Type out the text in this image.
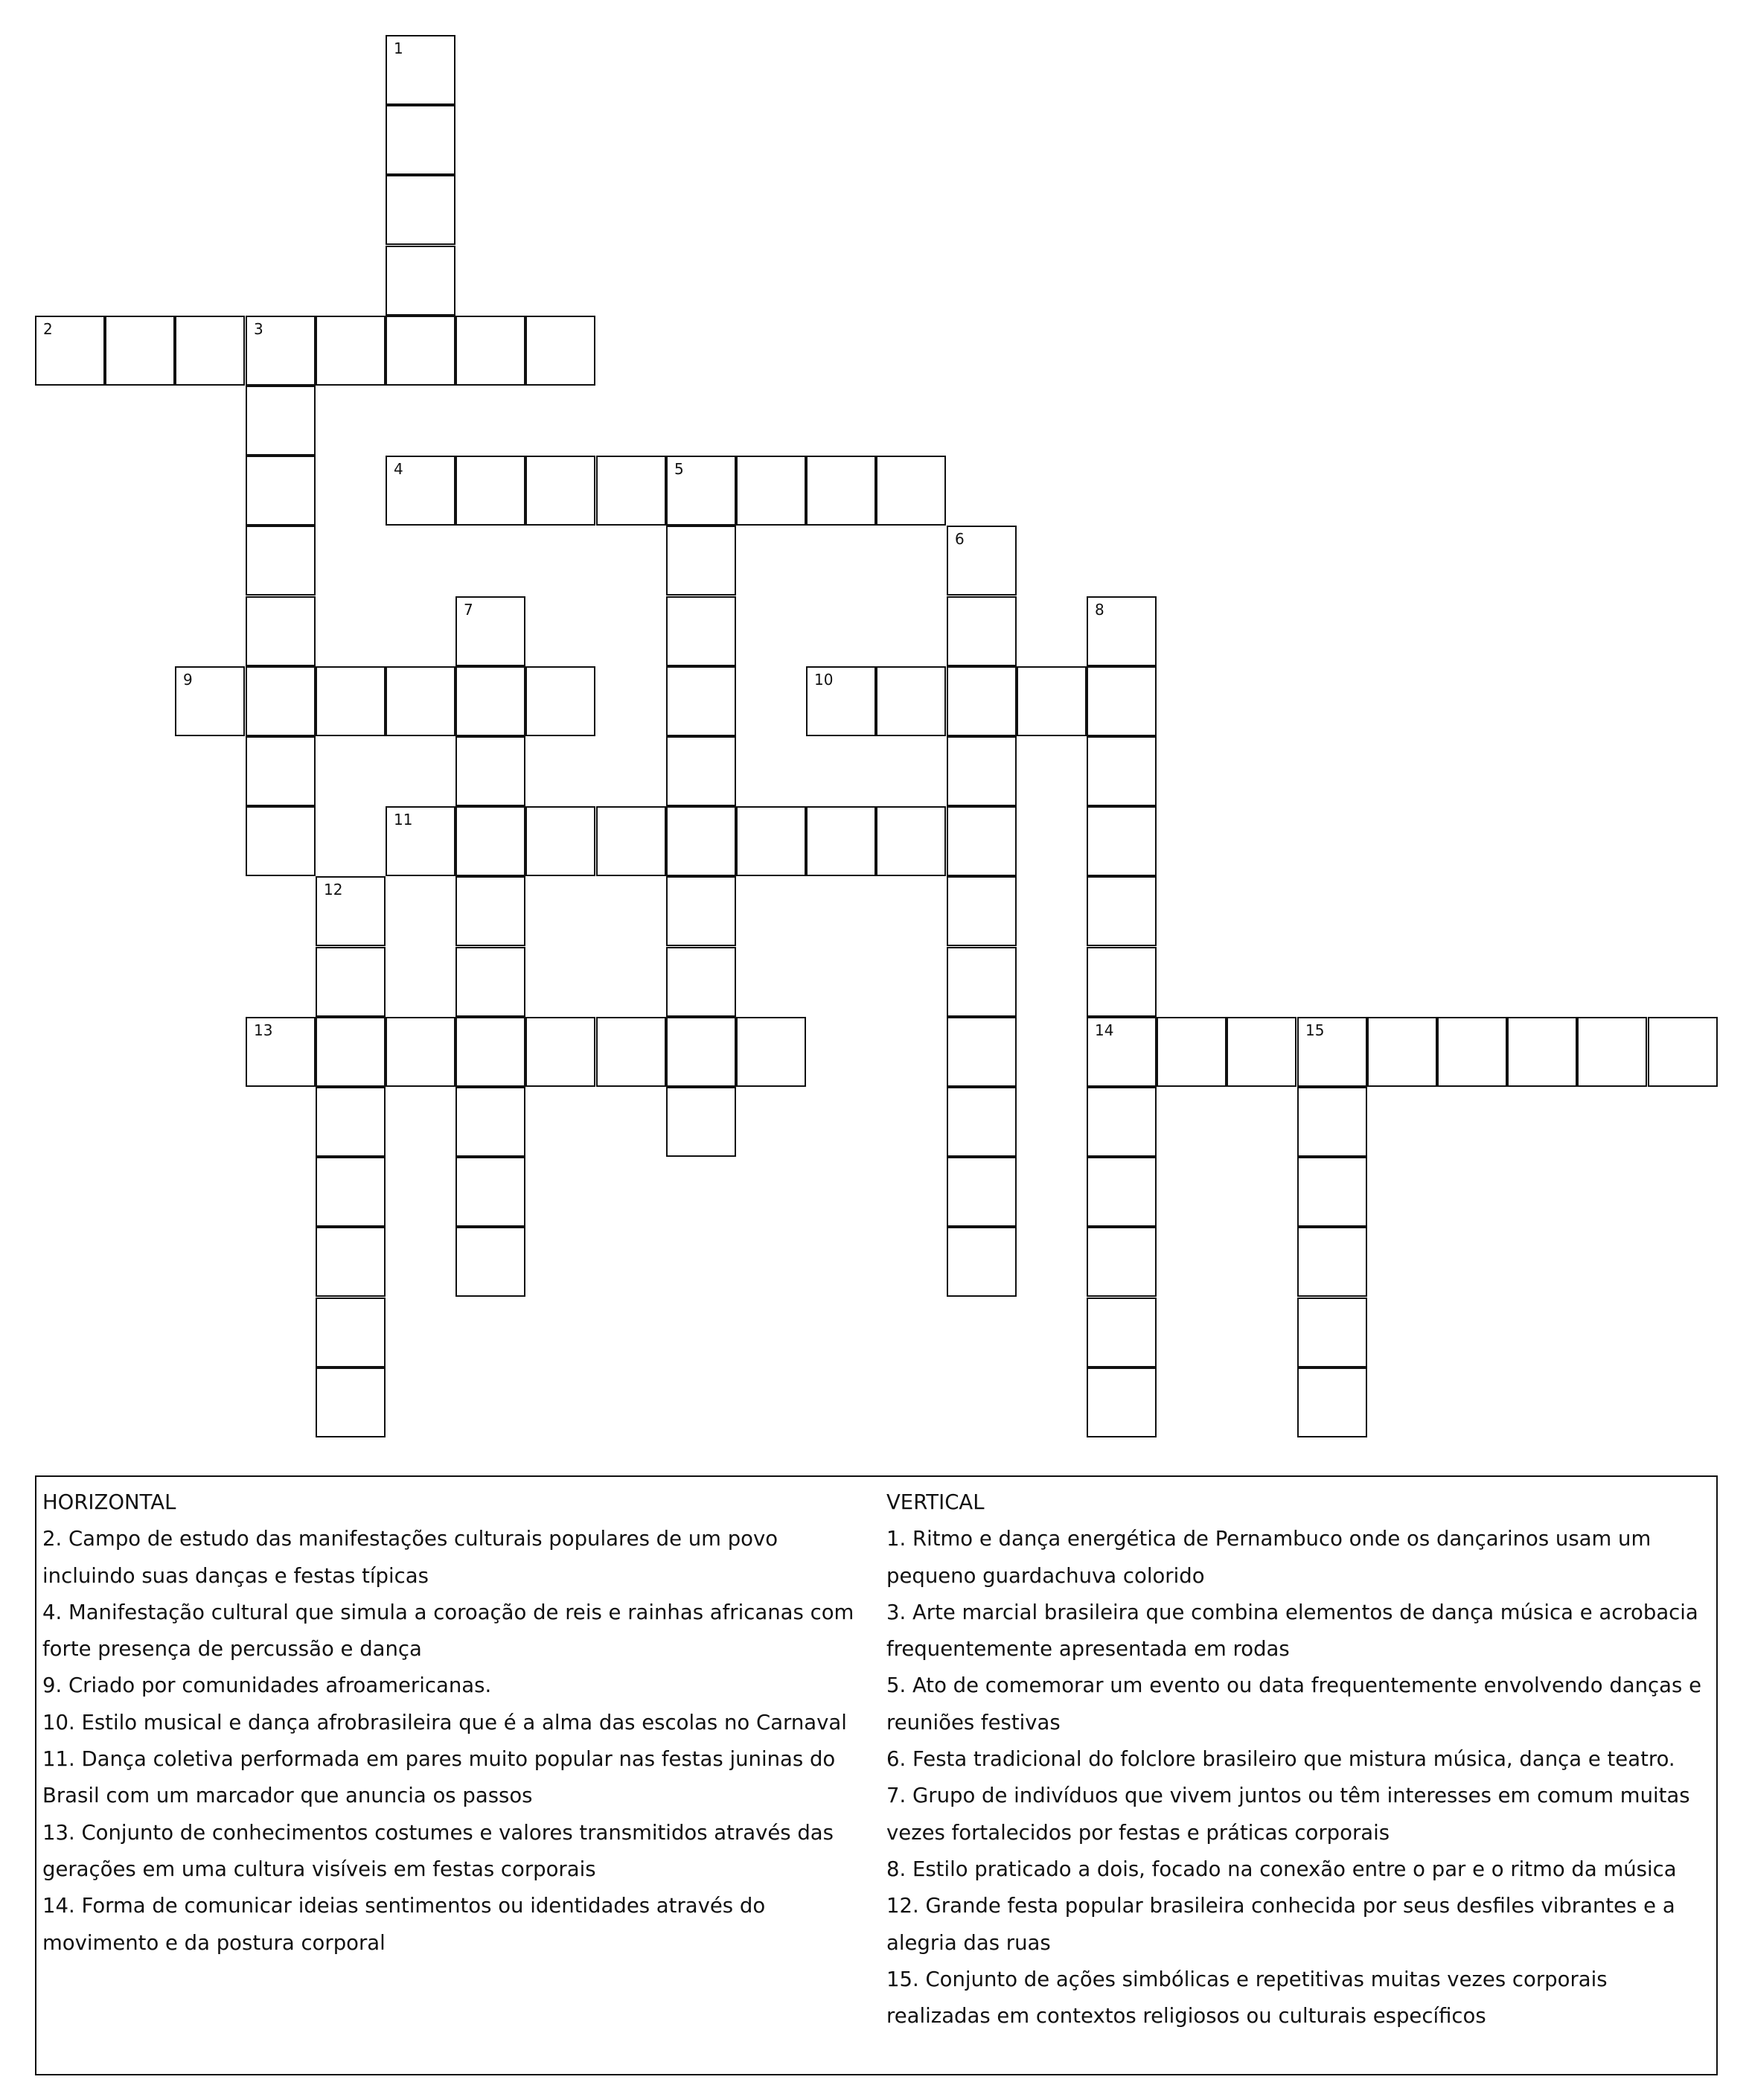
1
2	3
4	5
6
7	8
9	10
11
12
13	14	15
HORIZONTAL
2. Campo de estudo das manifestações culturais populares de um povo incluindo suas danças e festas típicas
4. Manifestação cultural que simula a coroação de reis e rainhas africanas com forte presença de percussão e dança
9. Criado por comunidades afroamericanas.
10. Estilo musical e dança afrobrasileira que é a alma das escolas no Carnaval
11. Dança coletiva performada em pares muito popular nas festas juninas do Brasil com um marcador que anuncia os passos
13. Conjunto de conhecimentos costumes e valores transmitidos através das gerações em uma cultura visíveis em festas corporais
14. Forma de comunicar ideias sentimentos ou identidades através do movimento e da postura corporal
VERTICAL
1. Ritmo e dança energética de Pernambuco onde os dançarinos usam um pequeno guardachuva colorido
3. Arte marcial brasileira que combina elementos de dança música e acrobacia frequentemente apresentada em rodas
5. Ato de comemorar um evento ou data frequentemente envolvendo danças e reuniões festivas
6. Festa tradicional do folclore brasileiro que mistura música, dança e teatro.
7. Grupo de indivíduos que vivem juntos ou têm interesses em comum muitas vezes fortalecidos por festas e práticas corporais
8. Estilo praticado a dois, focado na conexão entre o par e o ritmo da música
12. Grande festa popular brasileira conhecida por seus desfiles vibrantes e a alegria das ruas
15. Conjunto de ações simbólicas e repetitivas muitas vezes corporais realizadas em contextos religiosos ou culturais específicos
